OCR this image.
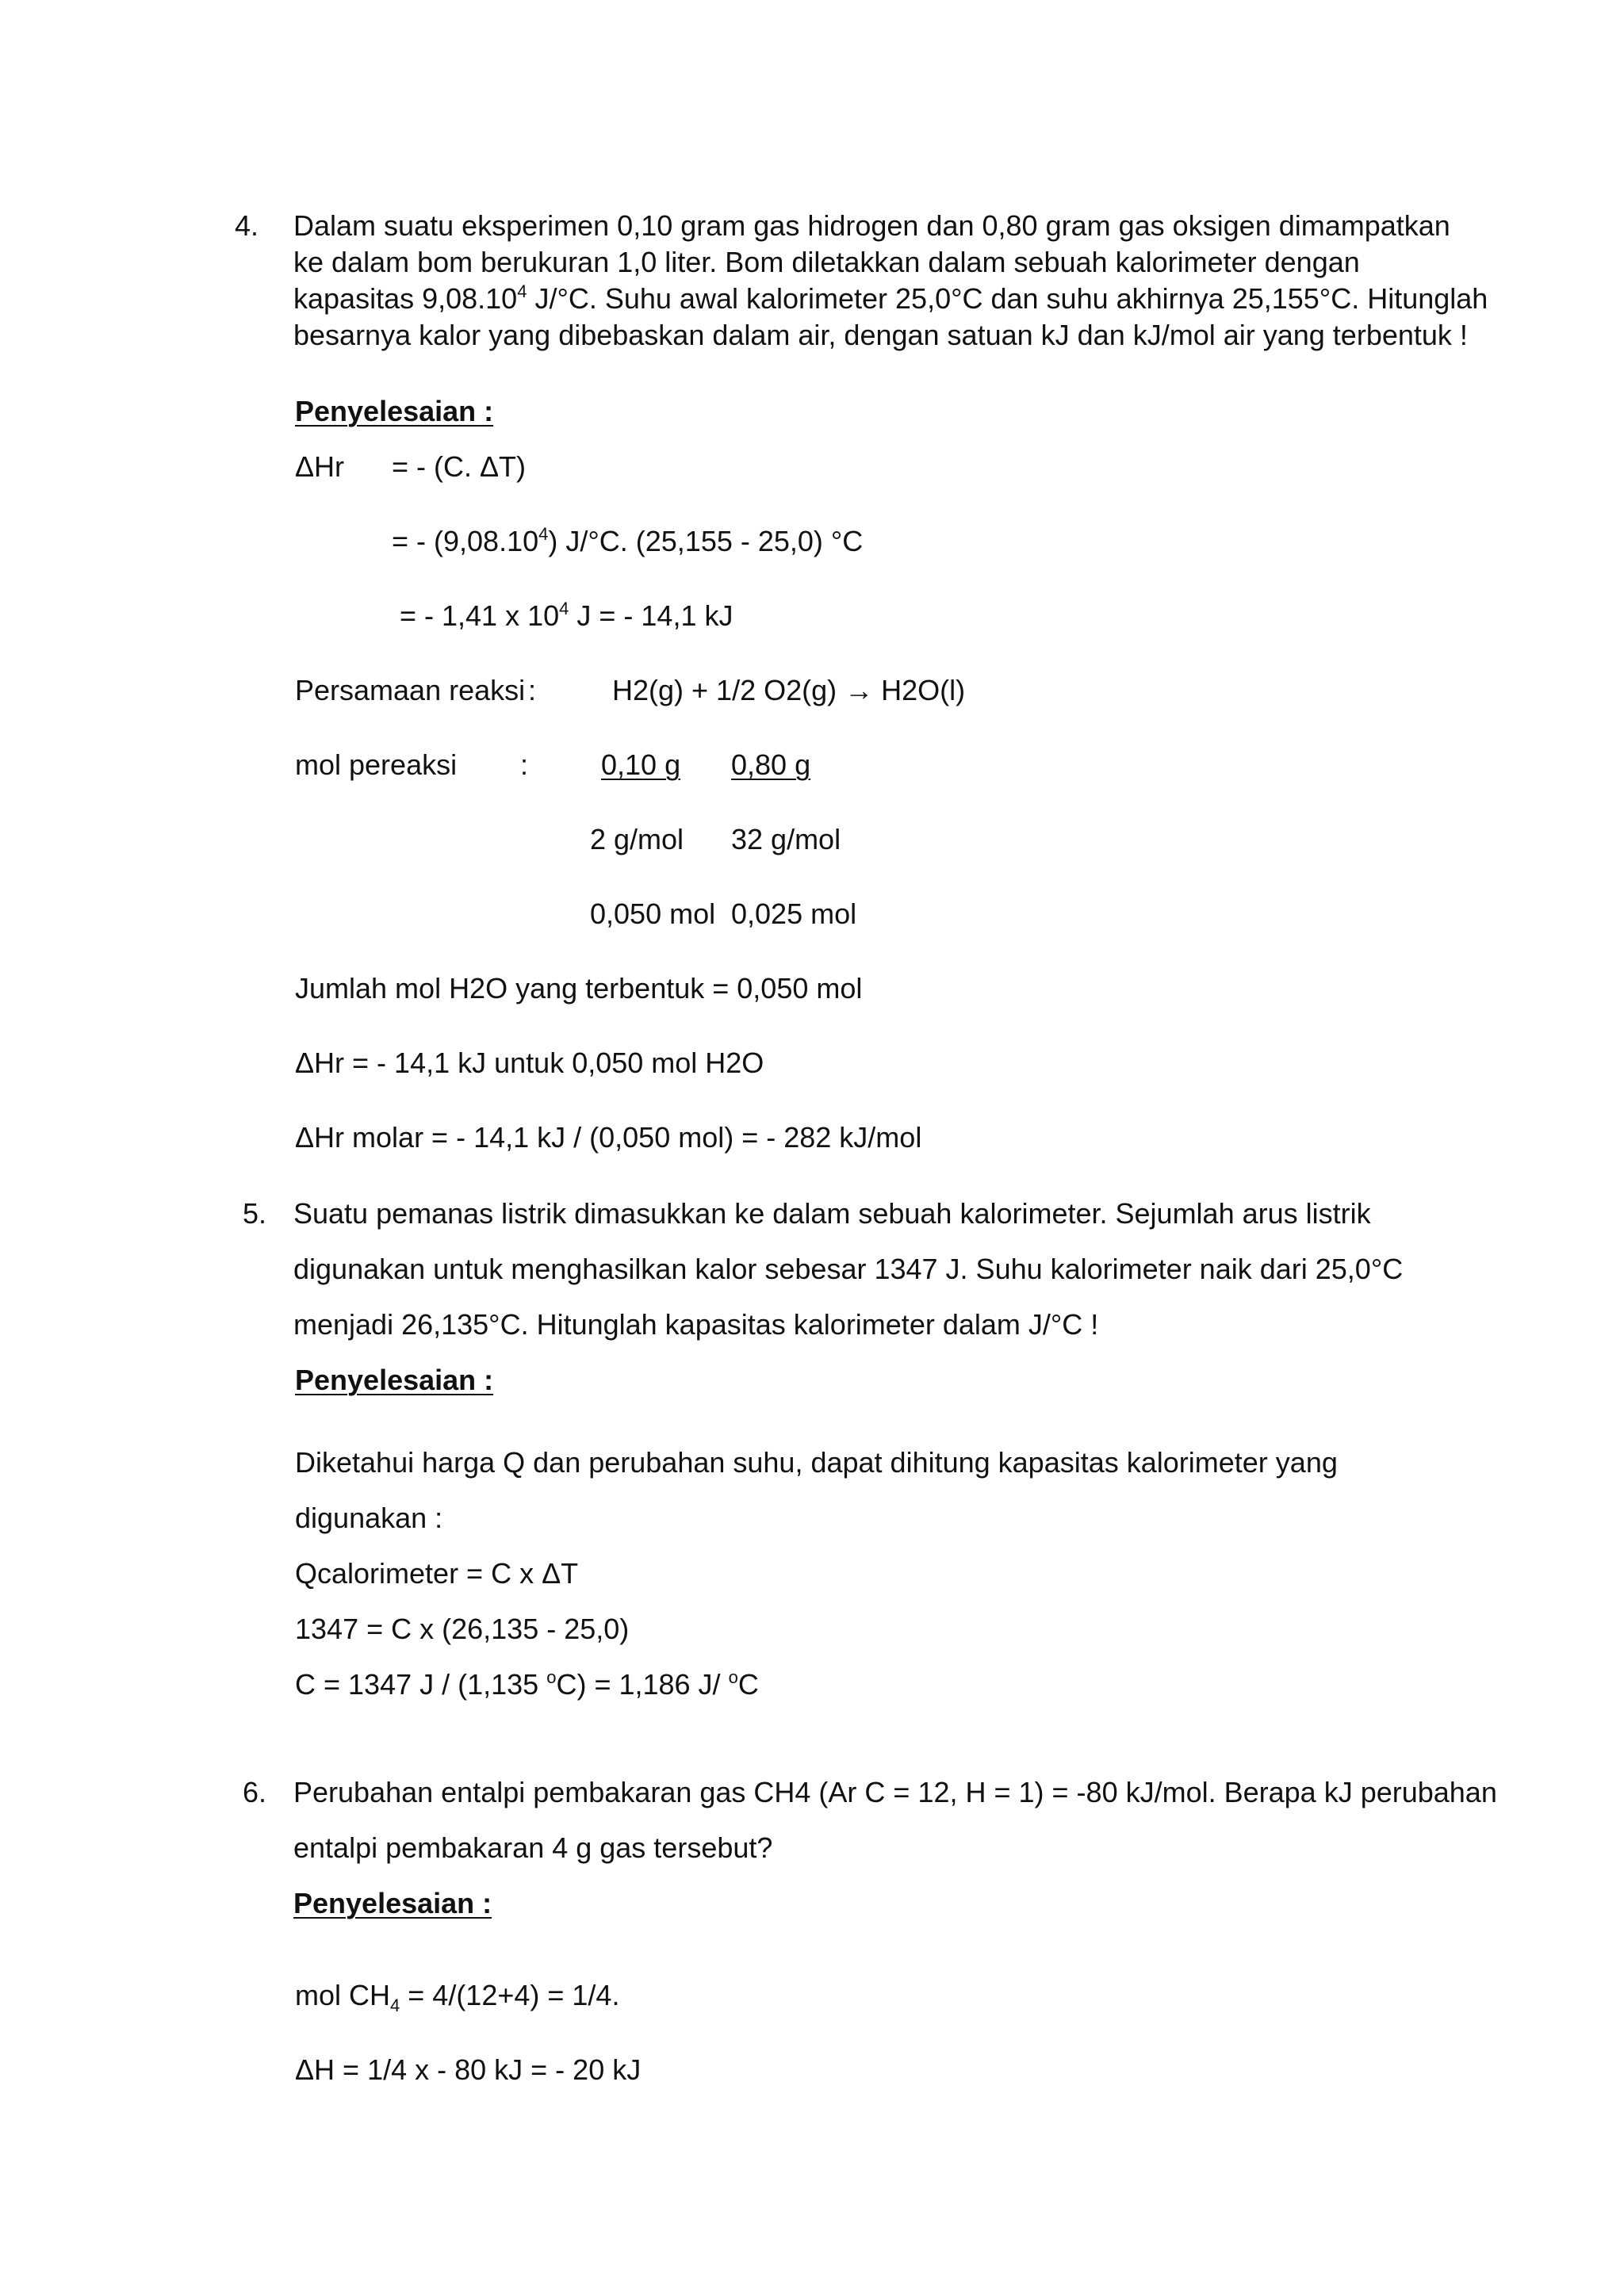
4. Dalam suatu eksperimen 0,10 gram gas hidrogen dan 0,80 gram gas oksigen dimampatkan
ke dalam bom berukuran 1,0 liter. Bom diletakkan dalam sebuah kalorimeter dengan
kapasitas 9,08.10$^4$ J/°C. Suhu awal kalorimeter 25,0°C dan suhu akhirnya 25,155°C. Hitunglah
besarnya kalor yang dibebaskan dalam air, dengan satuan kJ dan kJ/mol air yang terbentuk !
Penyelesaian :
ΔHr = - (C. ΔT)
= - (9,08.10$^4$) J/°C. (25,155 - 25,0) °C
= - 1,41 x $10^4$ J = - 14,1 kJ
Persamaan reaksi :	H2(g) + 1/2 O2(g) → H2O(l)
mol pereaksi :	0,10 g 0,80 g
2 g/mol 32 g/mol
0,050 mol 0,025 mol
Jumlah mol H2O yang terbentuk = 0,050 mol
ΔHr = - 14,1 kJ untuk 0,050 mol H2O
ΔHr molar = - 14,1 kJ / (0,050 mol) = - 282 kJ/mol
5. Suatu pemanas listrik dimasukkan ke dalam sebuah kalorimeter. Sejumlah arus listrik
digunakan untuk menghasilkan kalor sebesar 1347 J. Suhu kalorimeter naik dari 25,0°C
menjadi 26,135°C. Hitunglah kapasitas kalorimeter dalam J/°C !
Penyelesaian :
Diketahui harga Q dan perubahan suhu, dapat dihitung kapasitas kalorimeter yang
digunakan :
Qcalorimeter = C x ΔT
1347 = C x (26,135 - 25,0)
C = 1347 J / (1,135 $^o$C) = 1,186 J/ $^o$C
6. Perubahan entalpi pembakaran gas CH4 (Ar C = 12, H = 1) = -80 kJ/mol. Berapa kJ perubahan
entalpi pembakaran 4 g gas tersebut?
Penyelesaian :
mol $CH_4 = 4/(12+4) = 1/4$.
ΔH = 1/4 x - 80 kJ = - 20 kJ
